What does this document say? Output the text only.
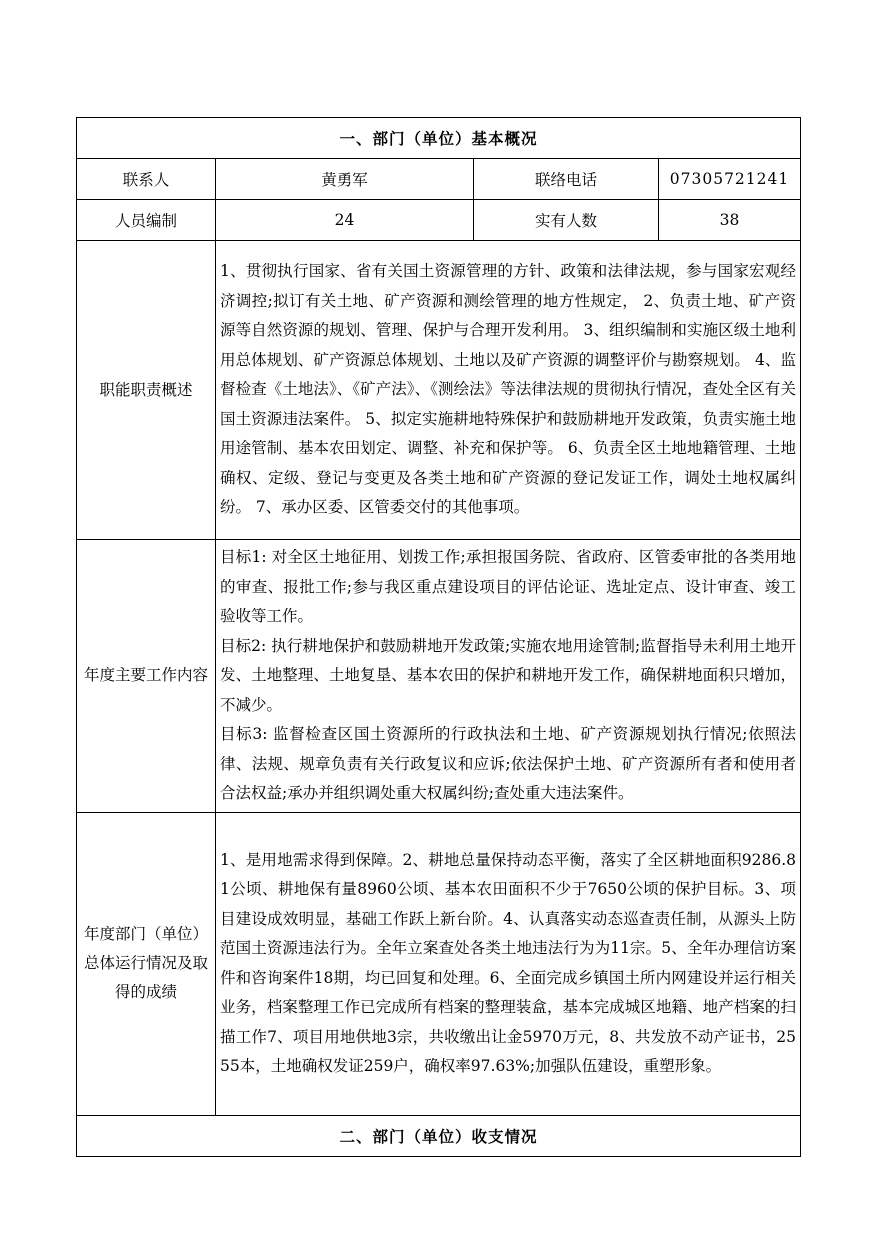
一、部门（单位）基本概况			
联系人	黄勇军	联络电话	07305721241
人员编制	24	实有人数	38
职能职责概述	1、贯彻执行国家、省有关国土资源管理的方针、政策和法律法规，参与国家宏观经济调控;拟订有关土地、矿产资源和测绘管理的地方性规定， 2、负责土地、矿产资源等自然资源的规划、管理、保护与合理开发利用。 3、组织编制和实施区级土地利用总体规划、矿产资源总体规划、土地以及矿产资源的调整评价与勘察规划。 4、监督检查《土地法》、《矿产法》、《测绘法》等法律法规的贯彻执行情况，查处全区有关国土资源违法案件。 5、拟定实施耕地特殊保护和鼓励耕地开发政策，负责实施土地用途管制、基本农田划定、调整、补充和保护等。 6、负责全区土地地籍管理、土地确权、定级、登记与变更及各类土地和矿产资源的登记发证工作，调处土地权属纠纷。 7、承办区委、区管委交付的其他事项。		
年度主要工作内容	目标1: 对全区土地征用、划拨工作;承担报国务院、省政府、区管委审批的各类用地的审查、报批工作;参与我区重点建设项目的评估论证、选址定点、设计审查、竣工验收等工作。
目标2: 执行耕地保护和鼓励耕地开发政策;实施农地用途管制;监督指导未利用土地开发、土地整理、土地复垦、基本农田的保护和耕地开发工作，确保耕地面积只增加，不减少。
目标3: 监督检查区国土资源所的行政执法和土地、矿产资源规划执行情况;依照法律、法规、规章负责有关行政复议和应诉;依法保护土地、矿产资源所有者和使用者合法权益;承办并组织调处重大权属纠纷;查处重大违法案件。		

年度部门（单位）总体运行情况及取得的成绩	1、是用地需求得到保障。2、耕地总量保持动态平衡，落实了全区耕地面积9286.81公顷、耕地保有量8960公顷、基本农田面积不少于7650公顷的保护目标。3、项目建设成效明显，基础工作跃上新台阶。4、认真落实动态巡查责任制，从源头上防范国土资源违法行为。全年立案查处各类土地违法行为为11宗。5、全年办理信访案件和咨询案件18期，均已回复和处理。6、全面完成乡镇国土所内网建设并运行相关业务，档案整理工作已完成所有档案的整理装盒，基本完成城区地籍、地产档案的扫描工作7、项目用地供地3宗，共收缴出让金5970万元，8、共发放不动产证书，2555本，土地确权发证259户，确权率97.63%;加强队伍建设，重塑形象。		
二、部门（单位）收支情况			
